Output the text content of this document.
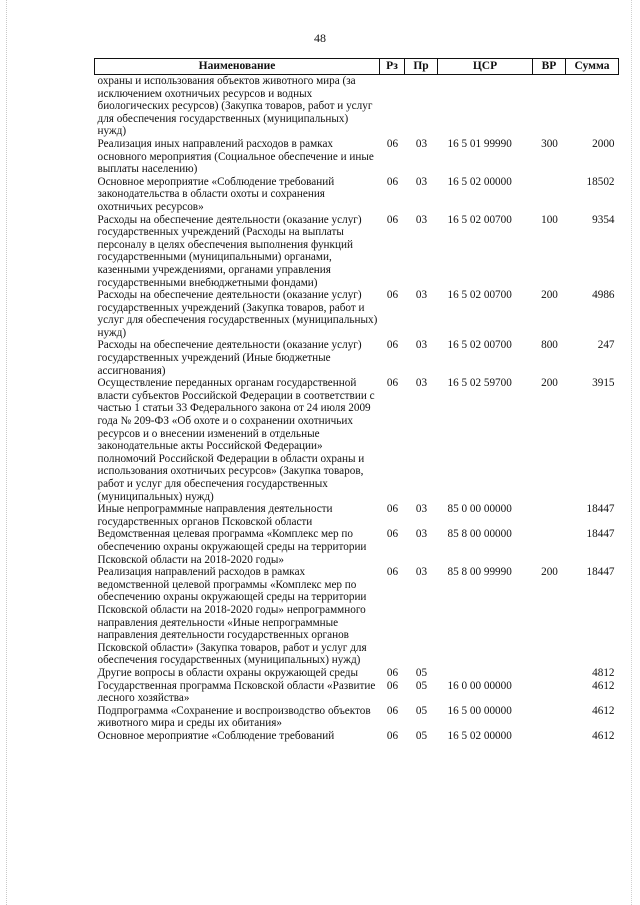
48
Наименование	Рз	Пр	ЦСР	ВР	Сумма
охраны и использования объектов животного мира (за исключением охотничьих ресурсов и водных биологических ресурсов) (Закупка товаров, работ и услуг для обеспечения государственных (муниципальных) нужд)					
Реализация иных направлений расходов в рамках основного мероприятия (Социальное обеспечение и иные выплаты населению)	06	03	16 5 01 99990	300	2000
Основное мероприятие «Соблюдение требований законодательства в области охоты и сохранения охотничьих ресурсов»	06	03	16 5 02 00000		18502
Расходы на обеспечение деятельности (оказание услуг) государственных учреждений (Расходы на выплаты персоналу в целях обеспечения выполнения функций государственными (муниципальными) органами, казенными учреждениями, органами управления государственными внебюджетными фондами)	06	03	16 5 02 00700	100	9354
Расходы на обеспечение деятельности (оказание услуг) государственных учреждений (Закупка товаров, работ и услуг для обеспечения государственных (муниципальных) нужд)	06	03	16 5 02 00700	200	4986
Расходы на обеспечение деятельности (оказание услуг) государственных учреждений (Иные бюджетные ассигнования)	06	03	16 5 02 00700	800	247
Осуществление переданных органам государственной власти субъектов Российской Федерации в соответствии с частью 1 статьи 33 Федерального закона от 24 июля 2009 года № 209-ФЗ «Об охоте и о сохранении охотничьих ресурсов и о внесении изменений в отдельные законодательные акты Российской Федерации» полномочий Российской Федерации в области охраны и использования охотничьих ресурсов» (Закупка товаров, работ и услуг для обеспечения государственных (муниципальных) нужд)	06	03	16 5 02 59700	200	3915
Иные непрограммные направления деятельности государственных органов Псковской области	06	03	85 0 00 00000		18447
Ведомственная целевая программа «Комплекс мер по обеспечению охраны окружающей среды на территории Псковской области на 2018-2020 годы»	06	03	85 8 00 00000		18447
Реализация направлений расходов в рамках ведомственной целевой программы «Комплекс мер по обеспечению охраны окружающей среды на территории Псковской области на 2018-2020 годы» непрограммного направления деятельности «Иные непрограммные направления деятельности государственных органов Псковской области» (Закупка товаров, работ и услуг для обеспечения государственных (муниципальных) нужд)	06	03	85 8 00 99990	200	18447
Другие вопросы в области охраны окружающей среды	06	05			4812
Государственная программа Псковской области «Развитие лесного хозяйства»	06	05	16 0 00 00000		4612
Подпрограмма «Сохранение и воспроизводство объектов животного мира и среды их обитания»	06	05	16 5 00 00000		4612
Основное мероприятие «Соблюдение требований	06	05	16 5 02 00000		4612
